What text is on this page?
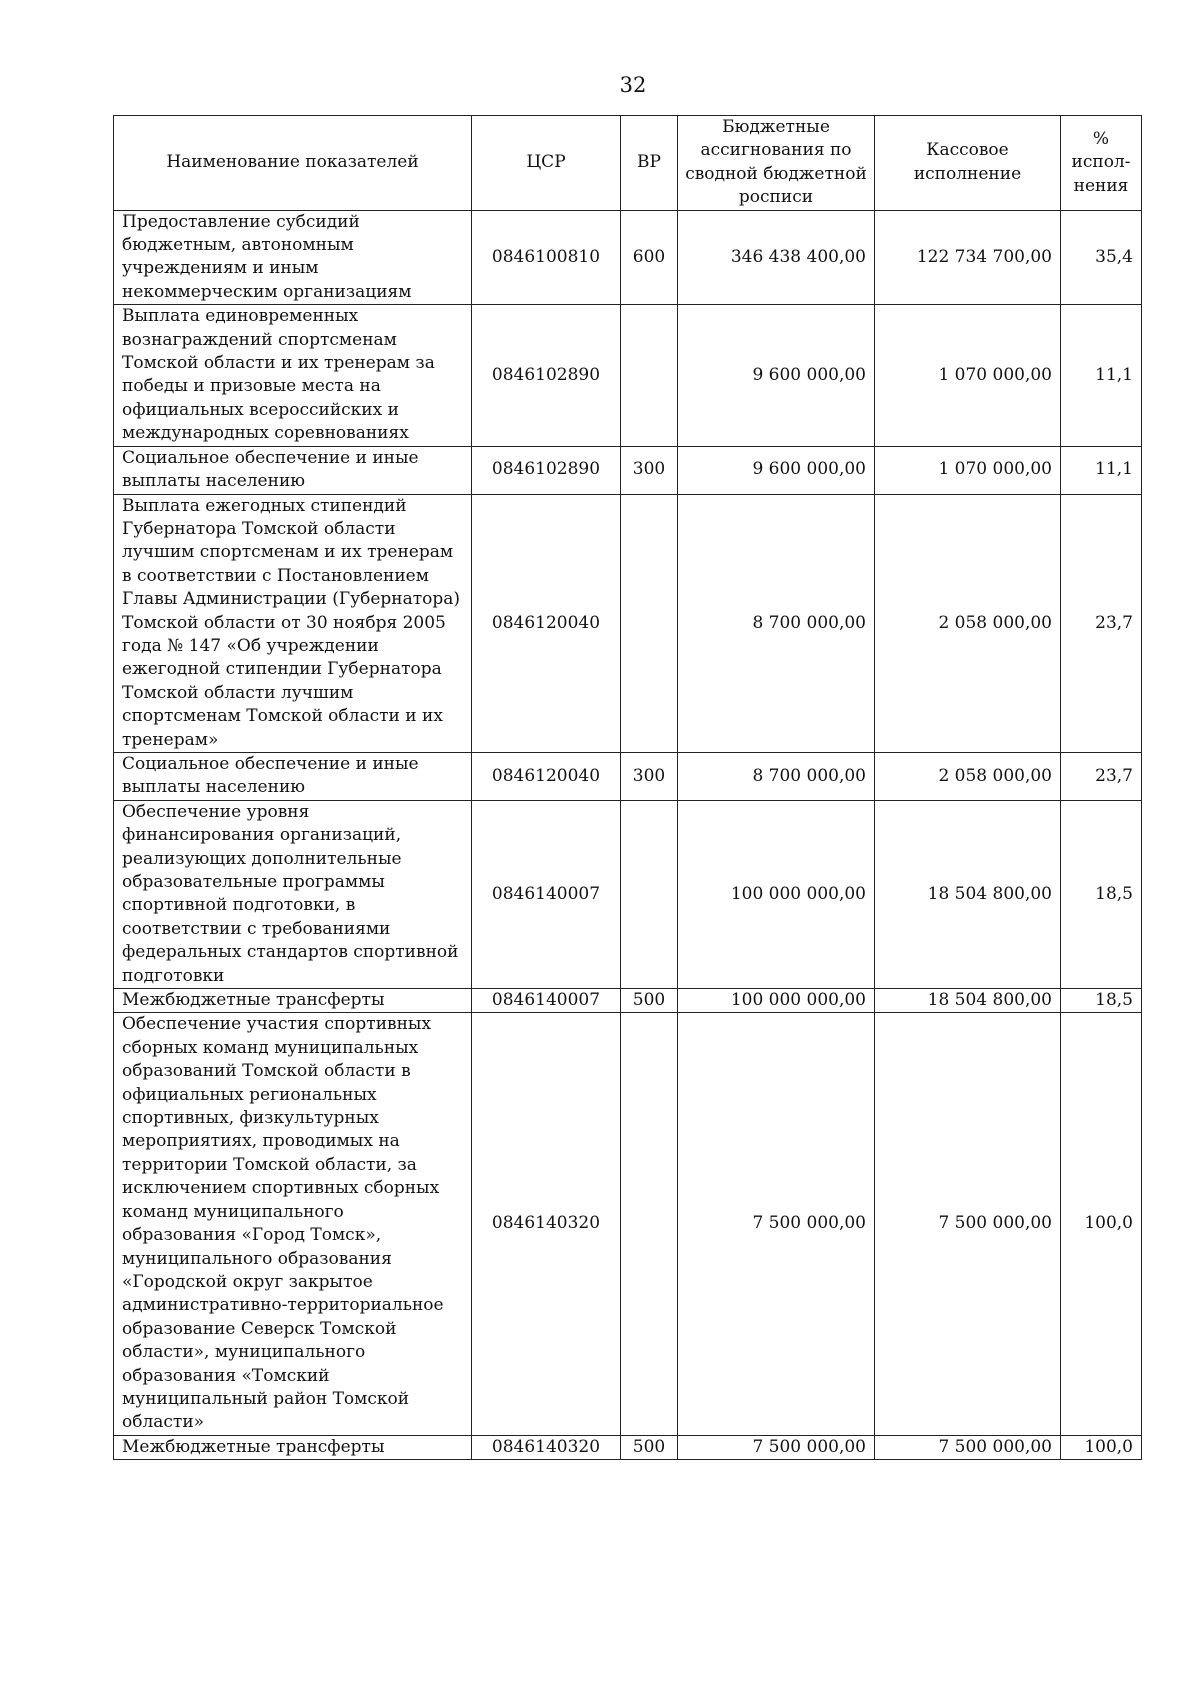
32
Наименование показателей	ЦСР	ВР	Бюджетные ассигнования по сводной бюджетной росписи	Кассовое исполнение	% испол-нения
Предоставление субсидий бюджетным, автономным учреждениям и иным некоммерческим организациям	0846100810	600	346 438 400,00	122 734 700,00	35,4
Выплата единовременных вознаграждений спортсменам Томской области и их тренерам за победы и призовые места на официальных всероссийских и международных соревнованиях	0846102890		9 600 000,00	1 070 000,00	11,1
Социальное обеспечение и иные выплаты населению	0846102890	300	9 600 000,00	1 070 000,00	11,1
Выплата ежегодных стипендий Губернатора Томской области лучшим спортсменам и их тренерам в соответствии с Постановлением Главы Администрации (Губернатора) Томской области от 30 ноября 2005 года № 147 «Об учреждении ежегодной стипендии Губернатора Томской области лучшим спортсменам Томской области и их тренерам»	0846120040		8 700 000,00	2 058 000,00	23,7
Социальное обеспечение и иные выплаты населению	0846120040	300	8 700 000,00	2 058 000,00	23,7
Обеспечение уровня финансирования организаций, реализующих дополнительные образовательные программы спортивной подготовки, в соответствии с требованиями федеральных стандартов спортивной подготовки	0846140007		100 000 000,00	18 504 800,00	18,5
Межбюджетные трансферты	0846140007	500	100 000 000,00	18 504 800,00	18,5
Обеспечение участия спортивных сборных команд муниципальных образований Томской области в официальных региональных спортивных, физкультурных мероприятиях, проводимых на территории Томской области, за исключением спортивных сборных команд муниципального образования «Город Томск», муниципального образования «Городской округ закрытое административно-территориальное образование Северск Томской области», муниципального образования «Томский муниципальный район Томской области»	0846140320		7 500 000,00	7 500 000,00	100,0
Межбюджетные трансферты	0846140320	500	7 500 000,00	7 500 000,00	100,0
